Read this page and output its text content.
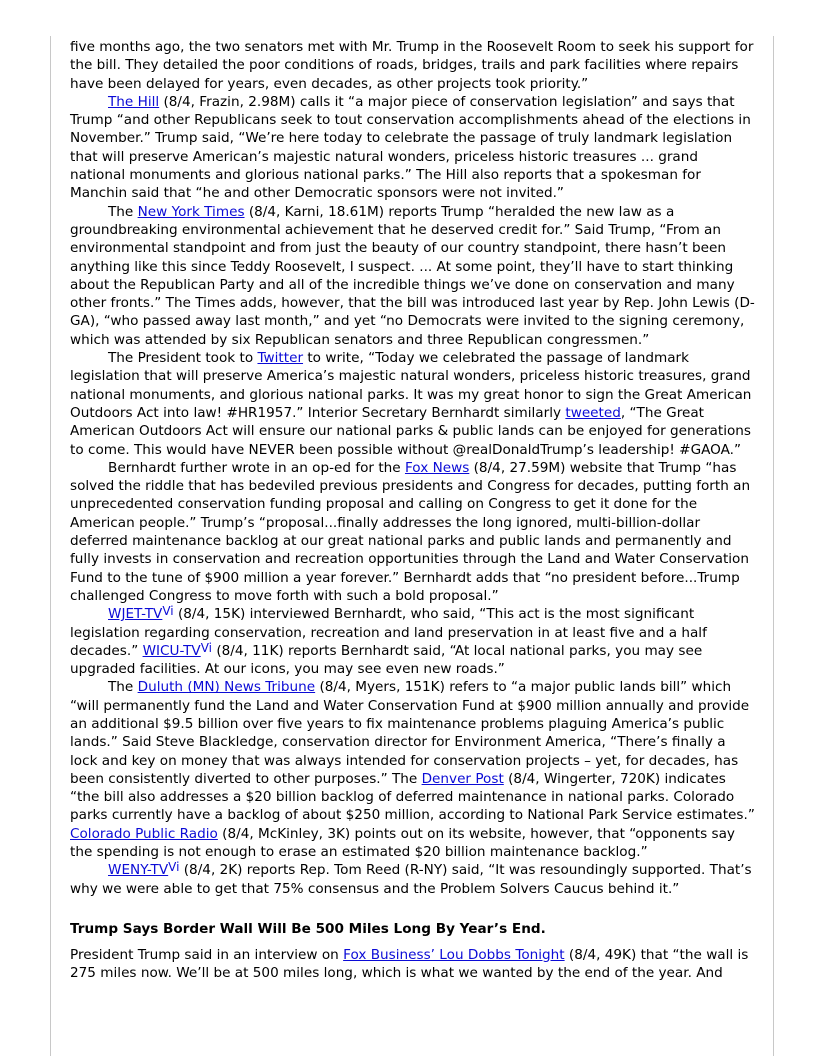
five months ago, the two senators met with Mr. Trump in the Roosevelt Room to seek his support for the bill. They detailed the poor conditions of roads, bridges, trails and park facilities where repairs have been delayed for years, even decades, as other projects took priority.”

The Hill (8/4, Frazin, 2.98M) calls it “a major piece of conservation legislation” and says that Trump “and other Republicans seek to tout conservation accomplishments ahead of the elections in November.” Trump said, “We’re here today to celebrate the passage of truly landmark legislation that will preserve American’s majestic natural wonders, priceless historic treasures ... grand national monuments and glorious national parks.” The Hill also reports that a spokesman for Manchin said that “he and other Democratic sponsors were not invited.”

The New York Times (8/4, Karni, 18.61M) reports Trump “heralded the new law as a groundbreaking environmental achievement that he deserved credit for.” Said Trump, “From an environmental standpoint and from just the beauty of our country standpoint, there hasn’t been anything like this since Teddy Roosevelt, I suspect. ... At some point, they’ll have to start thinking about the Republican Party and all of the incredible things we’ve done on conservation and many other fronts.” The Times adds, however, that the bill was introduced last year by Rep. John Lewis (D-GA), “who passed away last month,” and yet “no Democrats were invited to the signing ceremony, which was attended by six Republican senators and three Republican congressmen.”

The President took to Twitter to write, “Today we celebrated the passage of landmark legislation that will preserve America’s majestic natural wonders, priceless historic treasures, grand national monuments, and glorious national parks. It was my great honor to sign the Great American Outdoors Act into law! #HR1957.” Interior Secretary Bernhardt similarly tweeted, “The Great American Outdoors Act will ensure our national parks & public lands can be enjoyed for generations to come. This would have NEVER been possible without @realDonaldTrump’s leadership! #GAOA.”

Bernhardt further wrote in an op-ed for the Fox News (8/4, 27.59M) website that Trump “has solved the riddle that has bedeviled previous presidents and Congress for decades, putting forth an unprecedented conservation funding proposal and calling on Congress to get it done for the American people.” Trump’s “proposal...finally addresses the long ignored, multi-billion-dollar deferred maintenance backlog at our great national parks and public lands and permanently and fully invests in conservation and recreation opportunities through the Land and Water Conservation Fund to the tune of $900 million a year forever.” Bernhardt adds that “no president before...Trump challenged Congress to move forth with such a bold proposal.”

WJET-$TV^{Vi}$ (8/4, 15K) interviewed Bernhardt, who said, “This act is the most significant legislation regarding conservation, recreation and land preservation in at least five and a half decades.” WICU-$TV^{Vi}$ (8/4, 11K) reports Bernhardt said, “At local national parks, you may see upgraded facilities. At our icons, you may see even new roads.”

The Duluth (MN) News Tribune (8/4, Myers, 151K) refers to “a major public lands bill” which “will permanently fund the Land and Water Conservation Fund at $900 million annually and provide an additional $9.5 billion over five years to fix maintenance problems plaguing America’s public lands.” Said Steve Blackledge, conservation director for Environment America, “There’s finally a lock and key on money that was always intended for conservation projects – yet, for decades, has been consistently diverted to other purposes.” The Denver Post (8/4, Wingerter, 720K) indicates “the bill also addresses a $20 billion backlog of deferred maintenance in national parks. Colorado parks currently have a backlog of about $250 million, according to National Park Service estimates.” Colorado Public Radio (8/4, McKinley, 3K) points out on its website, however, that “opponents say the spending is not enough to erase an estimated $20 billion maintenance backlog.”

WENY-$TV^{Vi}$ (8/4, 2K) reports Rep. Tom Reed (R-NY) said, “It was resoundingly supported. That’s why we were able to get that 75% consensus and the Problem Solvers Caucus behind it.”

Trump Says Border Wall Will Be 500 Miles Long By Year’s End.

President Trump said in an interview on Fox Business’ Lou Dobbs Tonight (8/4, 49K) that “the wall is 275 miles now. We’ll be at 500 miles long, which is what we wanted by the end of the year. And
